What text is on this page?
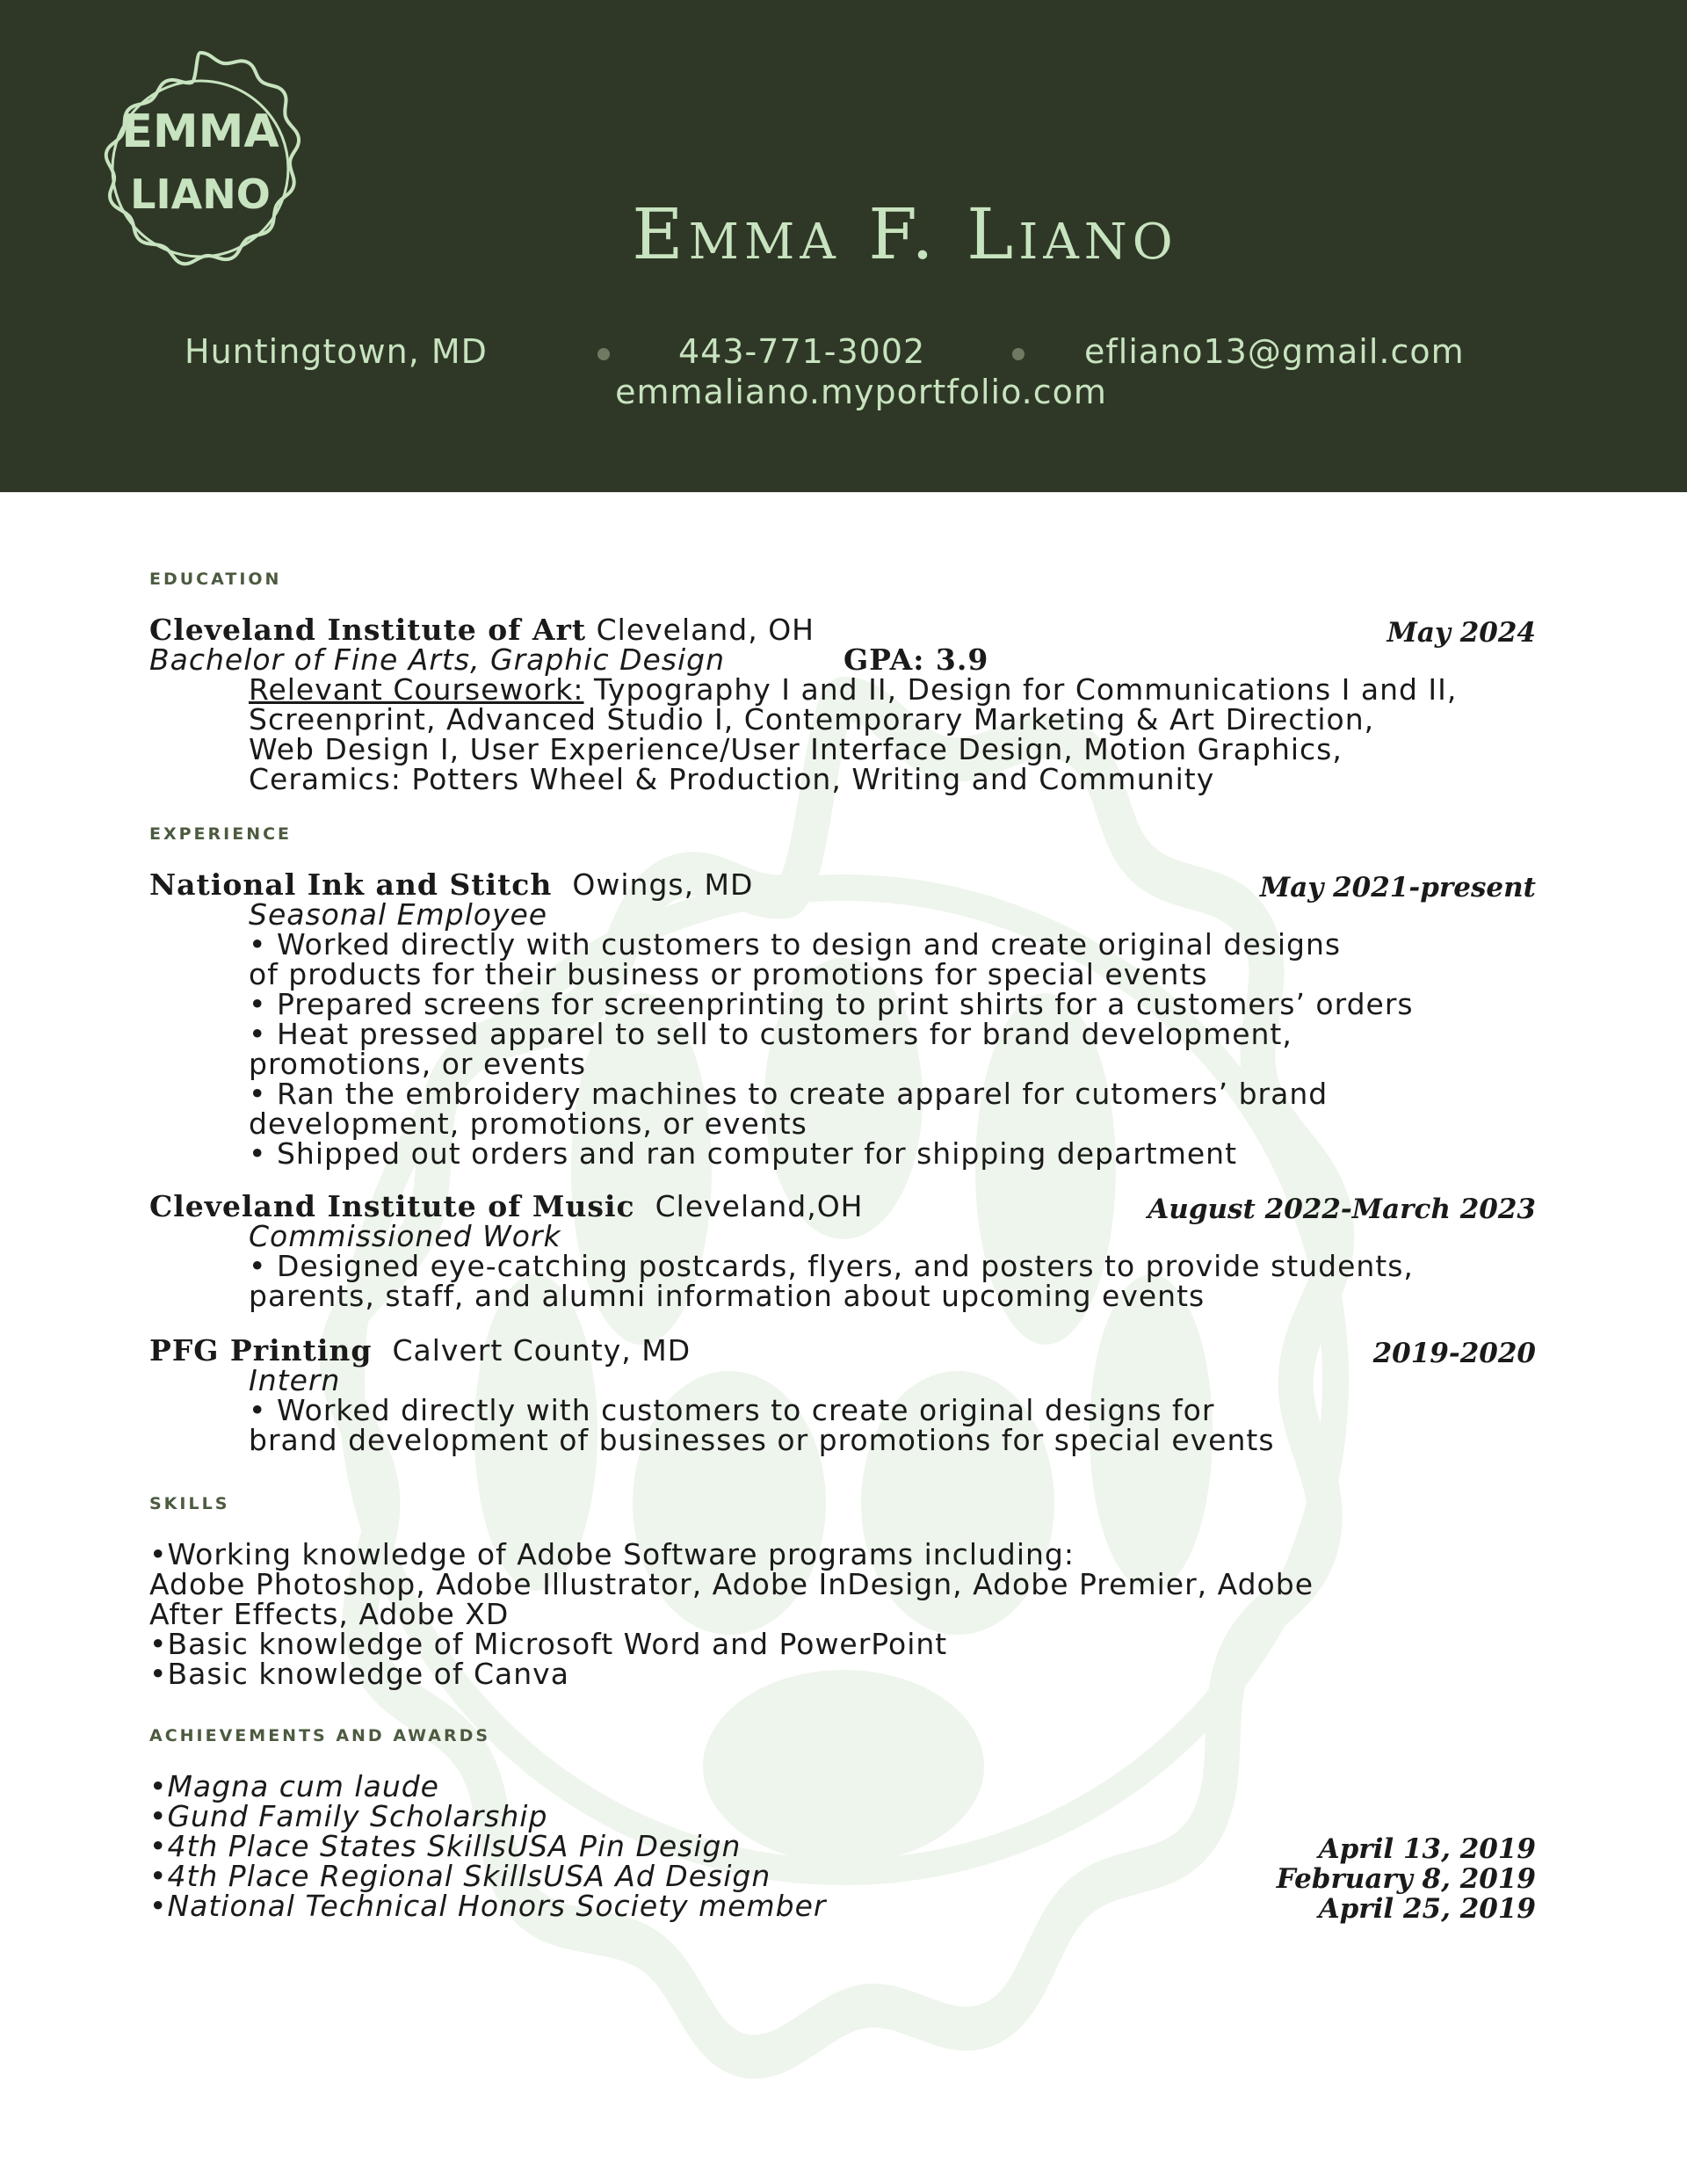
EMMA
LIANO	Emma F. Liano
Huntingtown, MD	443-771-3002	efliano13@gmail.com
emmaliano.myportfolio.com
EDUCATION
Cleveland Institute of Art Cleveland, OH	May 2024
Bachelor of Fine Arts, Graphic Design	GPA: 3.9
Relevant Coursework: Typography I and II, Design for Communications I and II,
Screenprint, Advanced Studio I, Contemporary Marketing & Art Direction,
Web Design I, User Experience/User Interface Design, Motion Graphics,
Ceramics: Potters Wheel & Production, Writing and Community
EXPERIENCE
National Ink and Stitch Owings, MD	May 2021-present
Seasonal Employee
• Worked directly with customers to design and create original designs
of products for their business or promotions for special events
• Prepared screens for screenprinting to print shirts for a customers’ orders
• Heat pressed apparel to sell to customers for brand development,
promotions, or events
• Ran the embroidery machines to create apparel for cutomers’ brand
development, promotions, or events
• Shipped out orders and ran computer for shipping department
Cleveland Institute of Music Cleveland,OH	August 2022-March 2023
Commissioned Work
• Designed eye-catching postcards, flyers, and posters to provide students,
parents, staff, and alumni information about upcoming events
PFG Printing Calvert County, MD	2019-2020
Intern
• Worked directly with customers to create original designs for
brand development of businesses or promotions for special events
SKILLS
•Working knowledge of Adobe Software programs including:
Adobe Photoshop, Adobe Illustrator, Adobe InDesign, Adobe Premier, Adobe
After Effects, Adobe XD
•Basic knowledge of Microsoft Word and PowerPoint
•Basic knowledge of Canva
ACHIEVEMENTS AND AWARDS
•Magna cum laude
•Gund Family Scholarship
•4th Place States SkillsUSA Pin Design	April 13, 2019
•4th Place Regional SkillsUSA Ad Design	February 8, 2019
•National Technical Honors Society member	April 25, 2019
